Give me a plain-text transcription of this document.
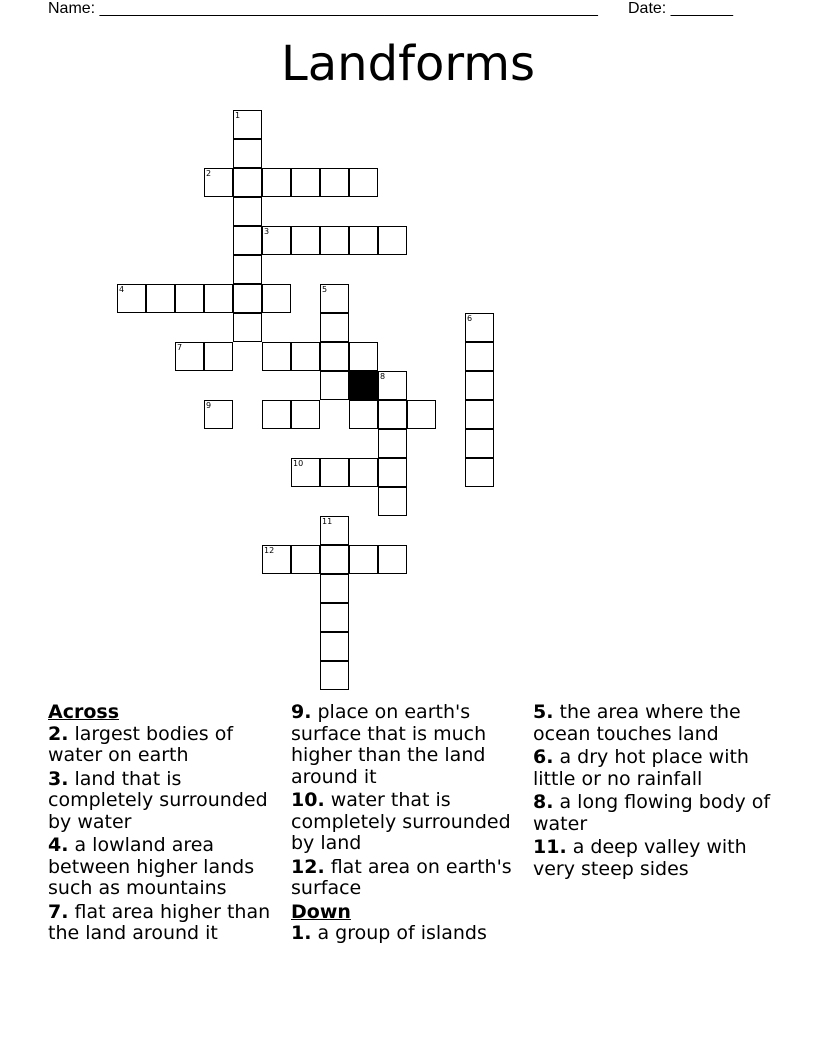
Name: ________________________________________________________ Date: _______
Landforms
1
2
3
4	5
6
7
8
9
10
11
12
Across
2. largest bodies of water on earth
3. land that is completely surrounded by water
4. a lowland area between higher lands such as mountains
7. flat area higher than the land around it
9. place on earth's surface that is much higher than the land around it
10. water that is completely surrounded by land
12. flat area on earth's surface
Down
1. a group of islands
5. the area where the ocean touches land
6. a dry hot place with little or no rainfall
8. a long flowing body of water
11. a deep valley with very steep sides
